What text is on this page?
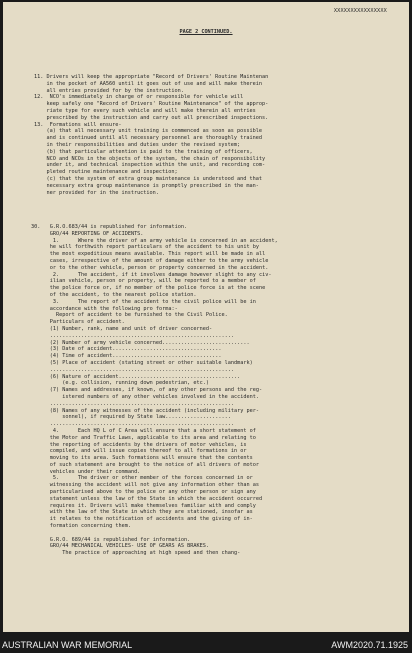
XXXXXXXXXXXXXXXX
PAGE 2 CONTINUED.
11. Drivers will keep the appropriate "Record of Drivers' Routine Maintenan
in the pocket of AA560 until it goes out of use and will make therein
all entries provided for by the instruction.
12.  NCO's immediately in charge of or responsible for vehicle will
keep safely one "Record of Drivers' Routine Maintenance" of the approp-
riate type for every such vehicle and will make therein all entries
prescribed by the instruction and carry out all prescribed inspections.
13.  Formations will ensure-
(a) that all necessary unit training is commenced as soon as possible
and is continued until all necessary personnel are thoroughly trained
in their responsibilities and duties under the revised system;
(b) that particular attention is paid to the training of officers,
NCO and NCOs in the objects of the system, the chain of responsibility
under it, and technical inspection within the unit, and recording com-
pleted routine maintenance and inspection;
(c) that the system of extra group maintenance is understood and that
necessary extra group maintenance is promptly prescribed in the man-
ner provided for in the instruction.
30.   G.R.O.683/44 is republished for information.
GRO/44 REPORTING OF ACCIDENTS.
1.      Where the driver of an army vehicle is concerned in an accident,
he will forthwith report particulars of the accident to his unit by
the most expeditious means available. This report will be made in all
cases, irrespective of the amount of damage either to the army vehicle
or to the other vehicle, person or property concerned in the accident.
2.      The accident, if it involves damage however slight to any civ-
ilian vehicle, person or property, will be reported to a member of
the police force or, if no member of the police force is at the scene
of the accident, to the nearest police station.
3.      The report of the accident to the civil police will be in
accordance with the following pro forma:-
Report of accident to be furnished to the Civil Police.
Particulars of accident.
(1) Number, rank, name and unit of driver concerned-
...........................................................
(2) Number of army vehicle concerned............................
(3) Date of accident...................................
(4) Time of accident...................................
(5) Place of accident (stating street or other suitable landmark)
...........................................................
(6) Nature of accident.......................................
(e.g. collision, running down pedestrian, etc.)
(7) Names and addresses, if known, of any other persons and the reg-
istered numbers of any other vehicles involved in the accident.
...........................................................
(8) Names of any witnesses of the accident (including military per-
sonnel), if required by State law.....................
...........................................................
4.      Each HQ L of C Area will ensure that a short statement of
the Motor and Traffic Laws, applicable to its area and relating to
the reporting of accidents by the drivers of motor vehicles, is
compiled, and will issue copies thereof to all formations in or
moving to its area. Such formations will ensure that the contents
of such statement are brought to the notice of all drivers of motor
vehicles under their command.
5.      The driver or other member of the forces concerned in or
witnessing the accident will not give any information other than as
particularised above to the police or any other person or sign any
statement unless the law of the State in which the accident occurred
requires it. Drivers will make themselves familiar with and comply
with the law of the State in which they are stationed, insofar as
it relates to the notification of accidents and the giving of in-
formation concerning them.
G.R.O. 689/44 is republished for information.
GRO/44 MECHANICAL VEHICLES- USE OF GEARS AS BRAKES.
The practice of approaching at high speed and then chang-
AUSTRALIAN WAR MEMORIAL	AWM2020.71.1925
